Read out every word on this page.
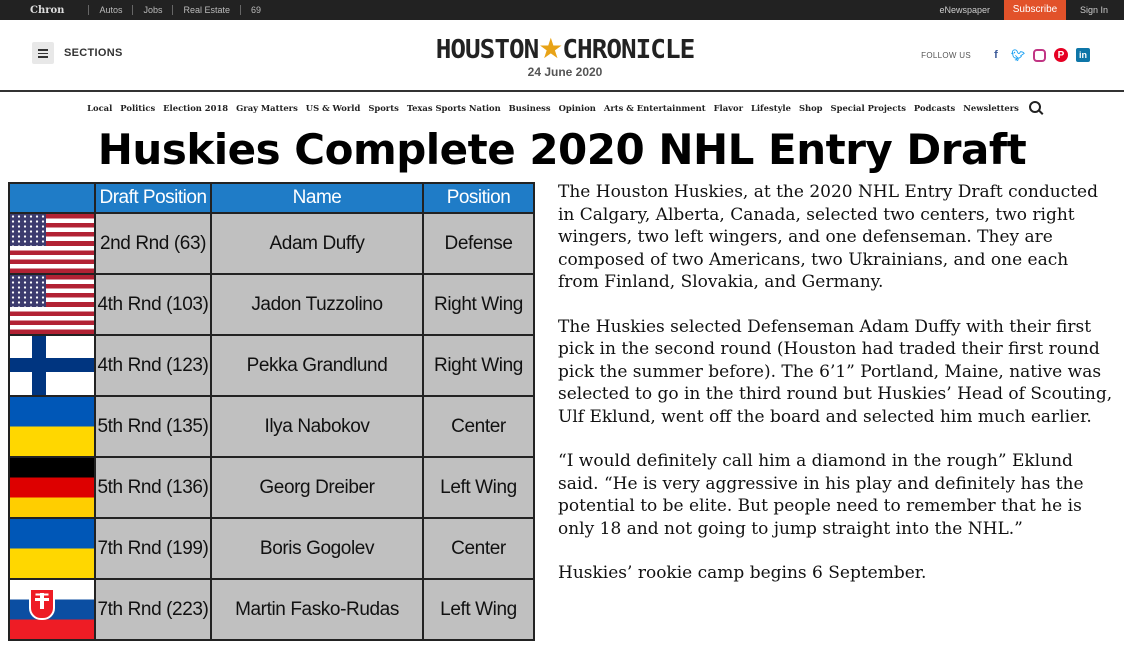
Chron	Autos Jobs Real Estate 69	eNewspaper	Subscribe	Sign In
SECTIONS	HOUSTON★CHRONICLE
24 June 2020
FOLLOW US	f	🐦︎	P	in
Local Politics Election 2018 Gray Matters US & World Sports Texas Sports Nation Business Opinion Arts & Entertainment Flavor Lifestyle Shop Special Projects Podcasts Newsletters
Huskies Complete 2020 NHL Entry Draft
	Draft Position	Name	Position

	2nd Rnd (63)	Adam Duffy	Defense

	4th Rnd (103)	Jadon Tuzzolino	Right Wing

	4th Rnd (123)	Pekka Grandlund	Right Wing

	5th Rnd (135)	Ilya Nabokov	Center

	5th Rnd (136)	Georg Dreiber	Left Wing

	7th Rnd (199)	Boris Gogolev	Center

	7th Rnd (223)	Martin Fasko-Rudas	Left Wing

The Houston Huskies, at the 2020 NHL Entry Draft conducted in Calgary, Alberta, Canada, selected two centers, two right wingers, two left wingers, and one defenseman. They are composed of two Americans, two Ukrainians, and one each from Finland, Slovakia, and Germany.

The Huskies selected Defenseman Adam Duffy with their first pick in the second round (Houston had traded their first round pick the summer before). The 6’1” Portland, Maine, native was selected to go in the third round but Huskies’ Head of Scouting, Ulf Eklund, went off the board and selected him much earlier.

“I would definitely call him a diamond in the rough” Eklund said. “He is very aggressive in his play and definitely has the potential to be elite. But people need to remember that he is only 18 and not going to jump straight into the NHL.”

Huskies’ rookie camp begins 6 September.
